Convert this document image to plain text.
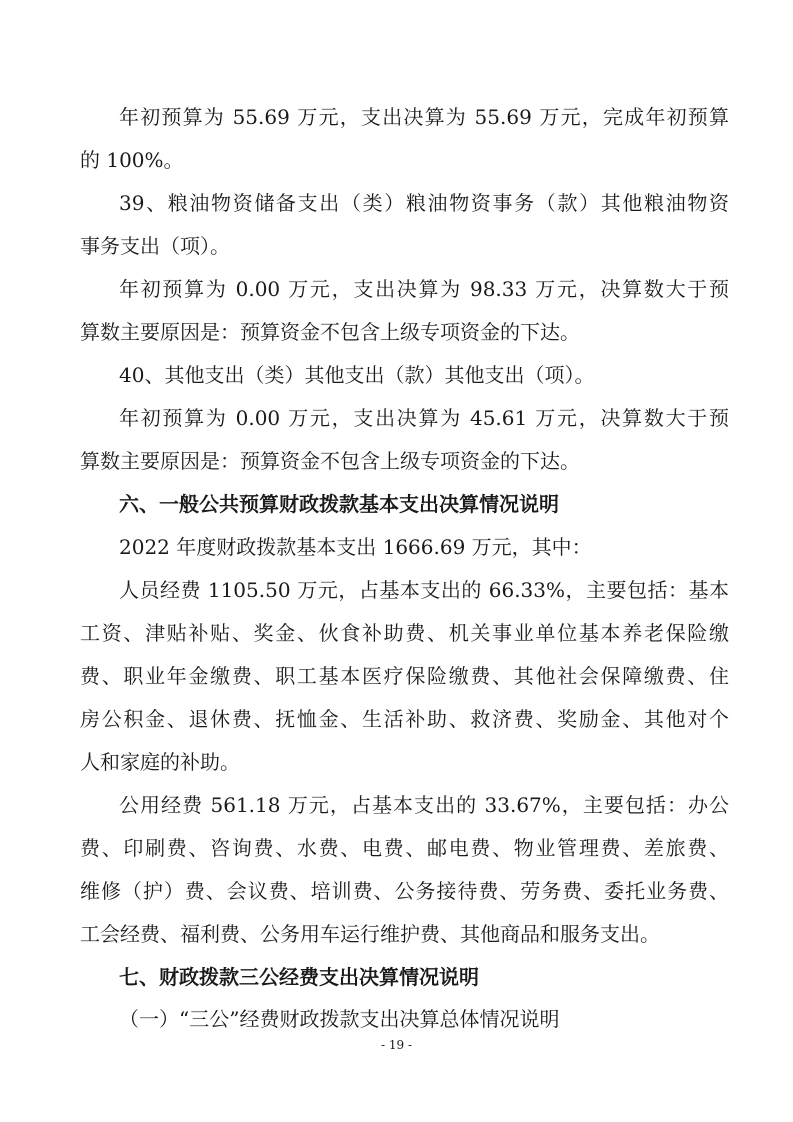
年初预算为 55.69 万元，支出决算为 55.69 万元，完成年初预算
的 100%。
39、粮油物资储备支出（类）粮油物资事务（款）其他粮油物资
事务支出（项）。
年初预算为 0.00 万元，支出决算为 98.33 万元，决算数大于预
算数主要原因是：预算资金不包含上级专项资金的下达。
40、其他支出（类）其他支出（款）其他支出（项）。
年初预算为 0.00 万元，支出决算为 45.61 万元，决算数大于预
算数主要原因是：预算资金不包含上级专项资金的下达。
六、一般公共预算财政拨款基本支出决算情况说明
2022 年度财政拨款基本支出 1666.69 万元，其中：
人员经费 1105.50 万元，占基本支出的 66.33%，主要包括：基本
工资、津贴补贴、奖金、伙食补助费、机关事业单位基本养老保险缴
费、职业年金缴费、职工基本医疗保险缴费、其他社会保障缴费、住
房公积金、退休费、抚恤金、生活补助、救济费、奖励金、其他对个
人和家庭的补助。
公用经费 561.18 万元，占基本支出的 33.67%，主要包括：办公
费、印刷费、咨询费、水费、电费、邮电费、物业管理费、差旅费、
维修（护）费、会议费、培训费、公务接待费、劳务费、委托业务费、
工会经费、福利费、公务用车运行维护费、其他商品和服务支出。
七、财政拨款三公经费支出决算情况说明
（一）“三公”经费财政拨款支出决算总体情况说明
- 19 -
